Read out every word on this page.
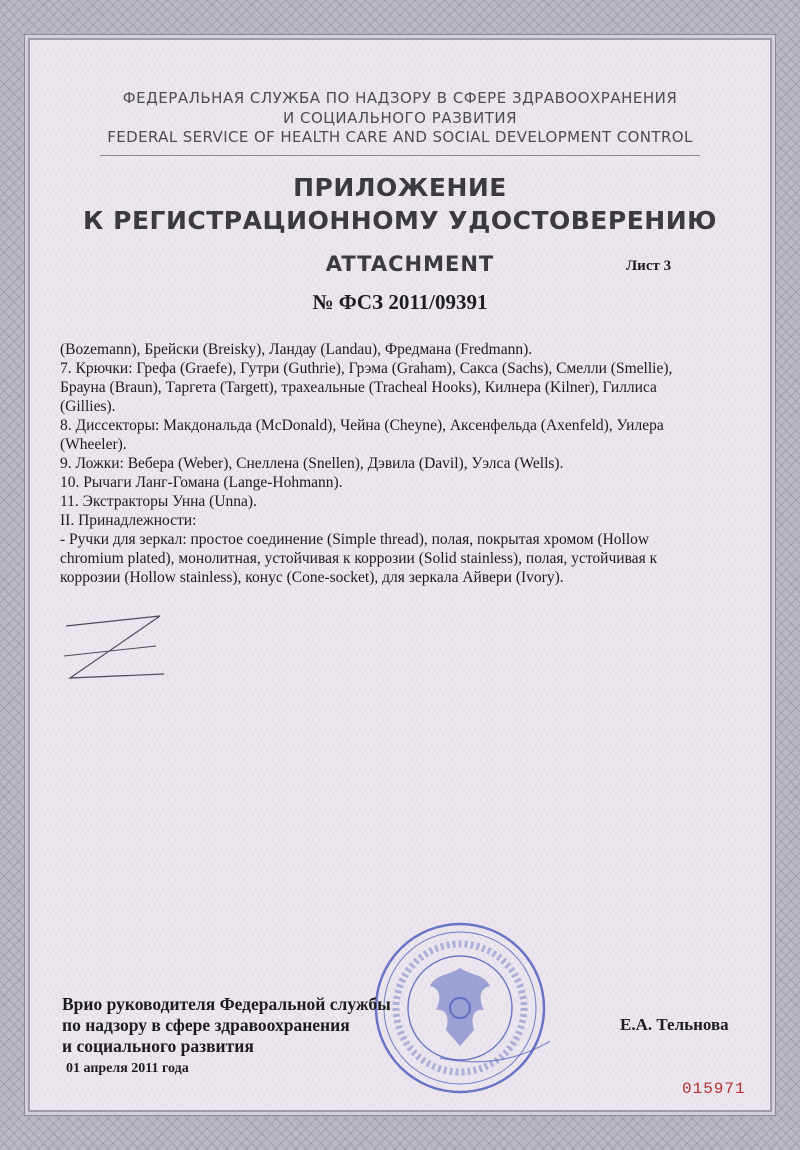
ФЕДЕРАЛЬНАЯ СЛУЖБА ПО НАДЗОРУ В СФЕРЕ ЗДРАВООХРАНЕНИЯ
И СОЦИАЛЬНОГО РАЗВИТИЯ
FEDERAL SERVICE OF HEALTH CARE AND SOCIAL DEVELOPMENT CONTROL
ПРИЛОЖЕНИЕ
К РЕГИСТРАЦИОННОМУ УДОСТОВЕРЕНИЮ
ATTACHMENT	Лист 3
№ ФСЗ 2011/09391
(Bozemann), Брейски (Breisky), Ландау (Landau), Фредмана (Fredmann).
7. Крючки: Грефа (Graefe), Гутри (Guthrie), Грэма (Graham), Сакса (Sachs), Смелли (Smellie),
Брауна (Braun), Таргета (Targett), трахеальные (Tracheal Hooks), Килнера (Kilner), Гиллиса
(Gillies).
8. Диссекторы: Макдональда (McDonald), Чейна (Cheyne), Аксенфельда (Axenfeld), Уилера
(Wheeler).
9. Ложки: Вебера (Weber), Снеллена (Snellen), Дэвила (Davil), Уэлса (Wells).
10. Рычаги Ланг-Гомана (Lange-Hohmann).
11. Экстракторы Унна (Unna).
II. Принадлежности:
- Ручки для зеркал: простое соединение (Simple thread), полая, покрытая хромом (Hollow
chromium plated), монолитная, устойчивая к коррозии (Solid stainless), полая, устойчивая к
коррозии (Hollow stainless), конус (Cone-socket), для зеркала Айвери (Ivory).
Врио руководителя Федеральной службы
по надзору в сфере здравоохранения
и социального развития
01 апреля 2011 года
Е.А. Тельнова
015971
